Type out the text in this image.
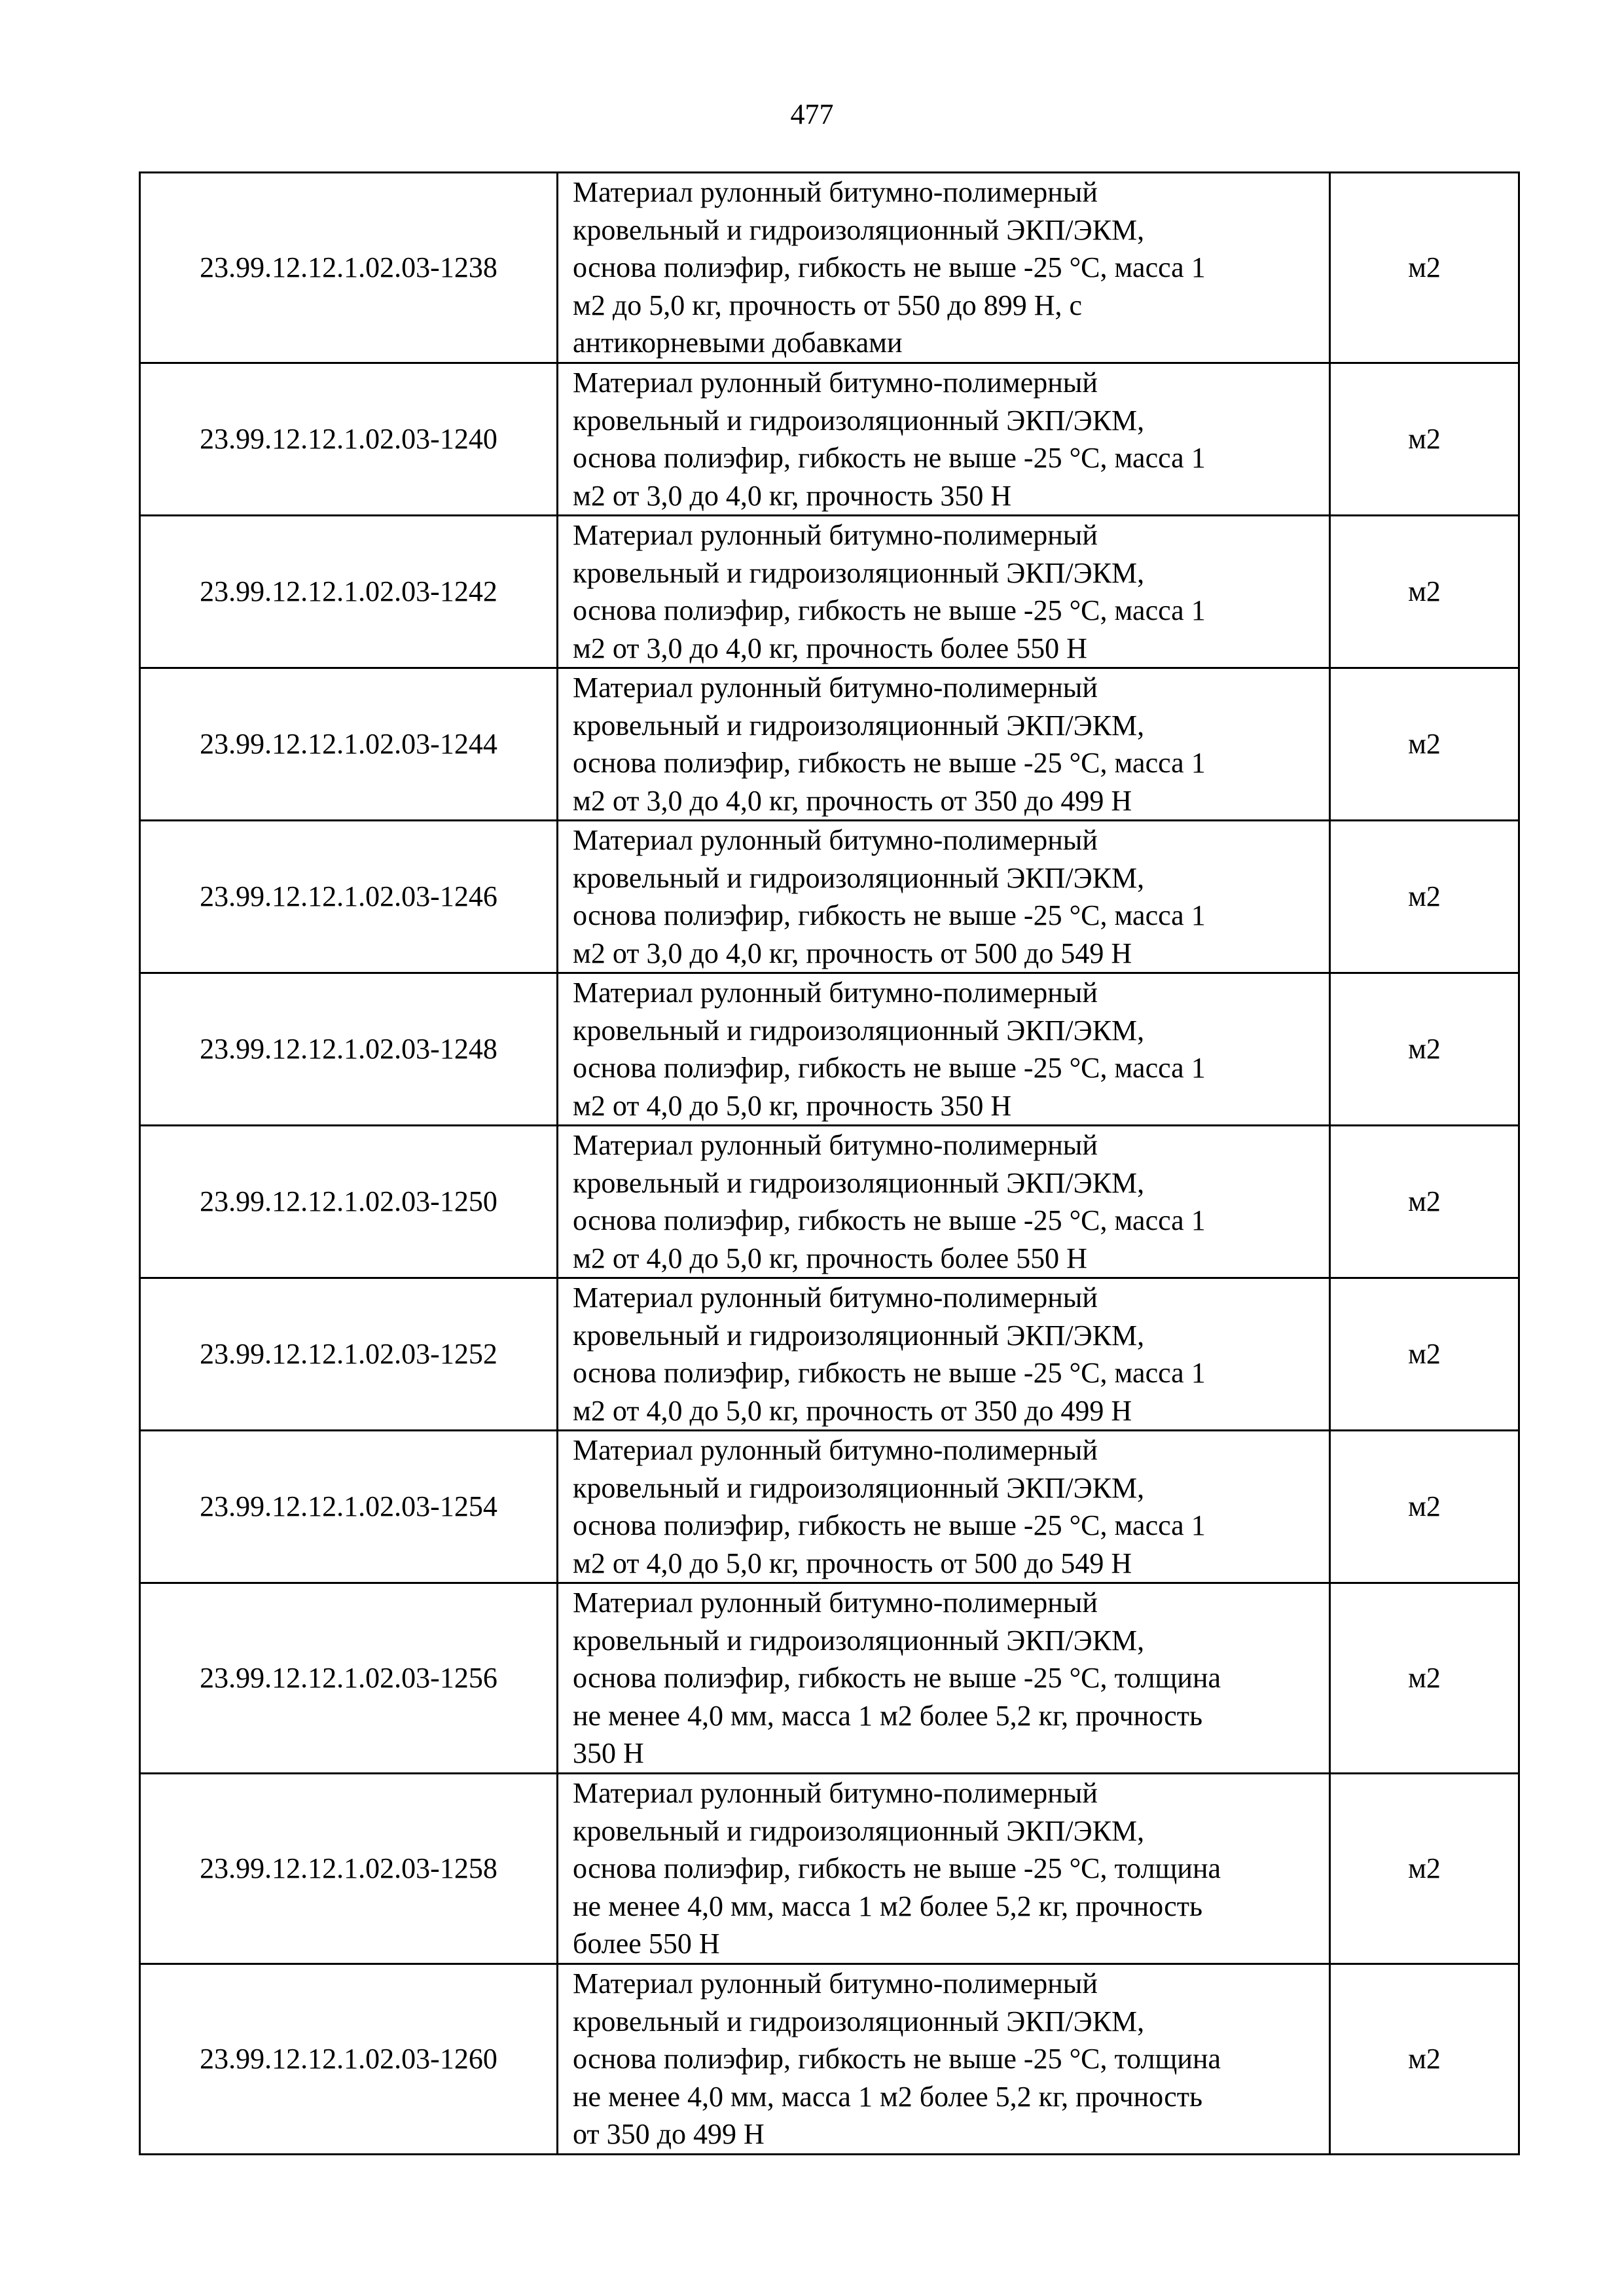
477
23.99.12.12.1.02.03-1238	Материал рулонный битумно-полимерный
кровельный и гидроизоляционный ЭКП/ЭКМ,
основа полиэфир, гибкость не выше -25 °С, масса 1
м2 до 5,0 кг, прочность от 550 до 899 Н, с
антикорневыми добавками	м2
23.99.12.12.1.02.03-1240	Материал рулонный битумно-полимерный
кровельный и гидроизоляционный ЭКП/ЭКМ,
основа полиэфир, гибкость не выше -25 °С, масса 1
м2 от 3,0 до 4,0 кг, прочность 350 Н	м2
23.99.12.12.1.02.03-1242	Материал рулонный битумно-полимерный
кровельный и гидроизоляционный ЭКП/ЭКМ,
основа полиэфир, гибкость не выше -25 °С, масса 1
м2 от 3,0 до 4,0 кг, прочность более 550 Н	м2
23.99.12.12.1.02.03-1244	Материал рулонный битумно-полимерный
кровельный и гидроизоляционный ЭКП/ЭКМ,
основа полиэфир, гибкость не выше -25 °С, масса 1
м2 от 3,0 до 4,0 кг, прочность от 350 до 499 Н	м2
23.99.12.12.1.02.03-1246	Материал рулонный битумно-полимерный
кровельный и гидроизоляционный ЭКП/ЭКМ,
основа полиэфир, гибкость не выше -25 °С, масса 1
м2 от 3,0 до 4,0 кг, прочность от 500 до 549 Н	м2
23.99.12.12.1.02.03-1248	Материал рулонный битумно-полимерный
кровельный и гидроизоляционный ЭКП/ЭКМ,
основа полиэфир, гибкость не выше -25 °С, масса 1
м2 от 4,0 до 5,0 кг, прочность 350 Н	м2
23.99.12.12.1.02.03-1250	Материал рулонный битумно-полимерный
кровельный и гидроизоляционный ЭКП/ЭКМ,
основа полиэфир, гибкость не выше -25 °С, масса 1
м2 от 4,0 до 5,0 кг, прочность более 550 Н	м2
23.99.12.12.1.02.03-1252	Материал рулонный битумно-полимерный
кровельный и гидроизоляционный ЭКП/ЭКМ,
основа полиэфир, гибкость не выше -25 °С, масса 1
м2 от 4,0 до 5,0 кг, прочность от 350 до 499 Н	м2
23.99.12.12.1.02.03-1254	Материал рулонный битумно-полимерный
кровельный и гидроизоляционный ЭКП/ЭКМ,
основа полиэфир, гибкость не выше -25 °С, масса 1
м2 от 4,0 до 5,0 кг, прочность от 500 до 549 Н	м2
23.99.12.12.1.02.03-1256	Материал рулонный битумно-полимерный
кровельный и гидроизоляционный ЭКП/ЭКМ,
основа полиэфир, гибкость не выше -25 °С, толщина
не менее 4,0 мм, масса 1 м2 более 5,2 кг, прочность
350 Н	м2
23.99.12.12.1.02.03-1258	Материал рулонный битумно-полимерный
кровельный и гидроизоляционный ЭКП/ЭКМ,
основа полиэфир, гибкость не выше -25 °С, толщина
не менее 4,0 мм, масса 1 м2 более 5,2 кг, прочность
более 550 Н	м2
23.99.12.12.1.02.03-1260	Материал рулонный битумно-полимерный
кровельный и гидроизоляционный ЭКП/ЭКМ,
основа полиэфир, гибкость не выше -25 °С, толщина
не менее 4,0 мм, масса 1 м2 более 5,2 кг, прочность
от 350 до 499 Н	м2
